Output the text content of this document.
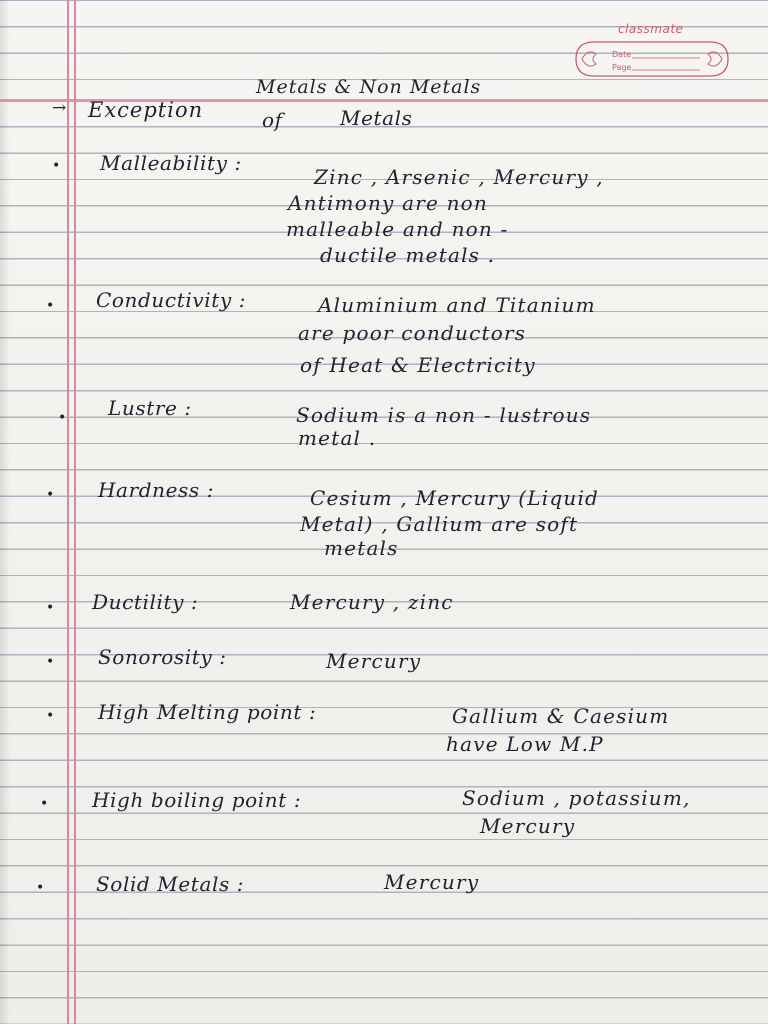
classmate
Date
Page
Metals & Non Metals
→ Exception	of	Metals
• Malleability :
Zinc , Arsenic , Mercury ,
Antimony are non
malleable and non -
ductile metals .
• Conductivity :	Aluminium and Titanium
are poor conductors
of Heat & Electricity
• Lustre :	Sodium is a non - lustrous
metal .
• Hardness :	Cesium , Mercury (Liquid
Metal) , Gallium are soft
metals
• Ductility :	Mercury , zinc
• Sonorosity :	Mercury
• High Melting point :	Gallium & Caesium
have Low M.P
• High boiling point :	Sodium , potassium,
Mercury
•	Solid Metals :	Mercury
